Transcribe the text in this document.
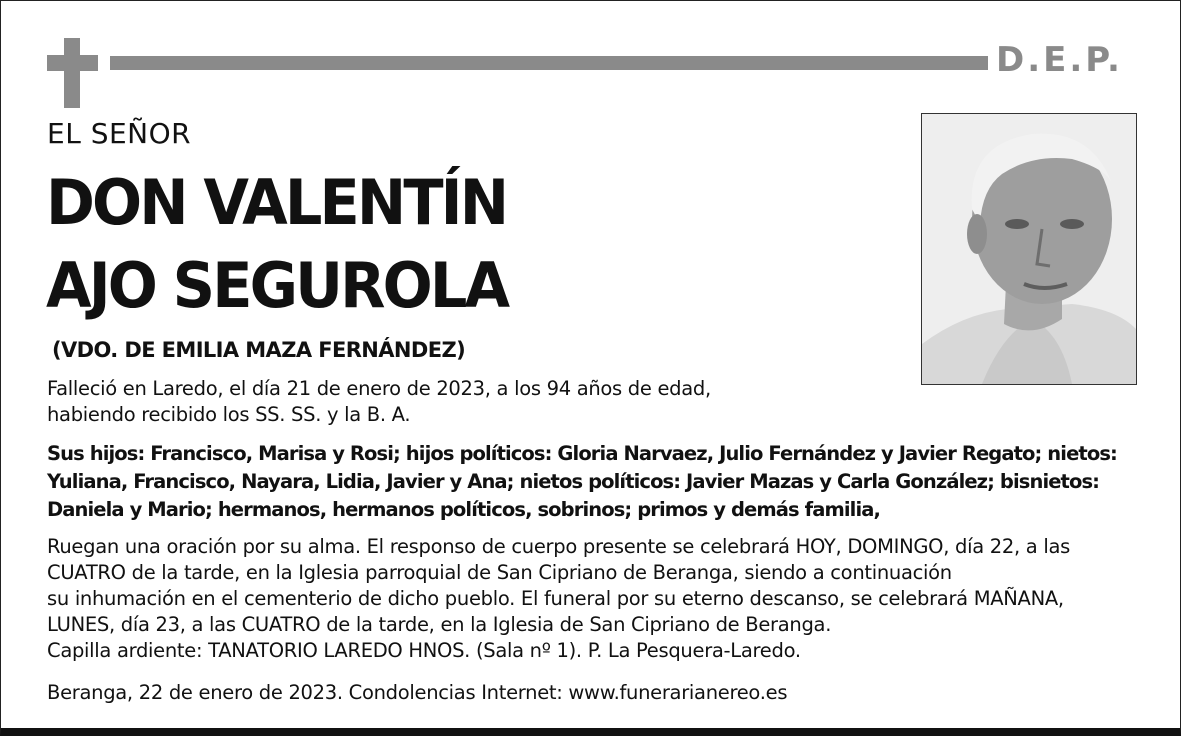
D.E.P.
EL SEÑOR
DON VALENTÍN
AJO SEGUROLA
(VDO. DE EMILIA MAZA FERNÁNDEZ)
Falleció en Laredo, el día 21 de enero de 2023, a los 94 años de edad,
habiendo recibido los SS. SS. y la B. A.
Sus hijos: Francisco, Marisa y Rosi; hijos políticos: Gloria Narvaez, Julio Fernández y Javier Regato; nietos:
Yuliana, Francisco, Nayara, Lidia, Javier y Ana; nietos políticos: Javier Mazas y Carla González; bisnietos:
Daniela y Mario; hermanos, hermanos políticos, sobrinos; primos y demás familia,
Ruegan una oración por su alma. El responso de cuerpo presente se celebrará HOY, DOMINGO, día 22, a las
CUATRO de la tarde, en la Iglesia parroquial de San Cipriano de Beranga, siendo a continuación
su inhumación en el cementerio de dicho pueblo. El funeral por su eterno descanso, se celebrará MAÑANA,
LUNES, día 23, a las CUATRO de la tarde, en la Iglesia de San Cipriano de Beranga.
Capilla ardiente: TANATORIO LAREDO HNOS. (Sala nº 1). P. La Pesquera-Laredo.
Beranga, 22 de enero de 2023. Condolencias Internet: www.funerarianereo.es
